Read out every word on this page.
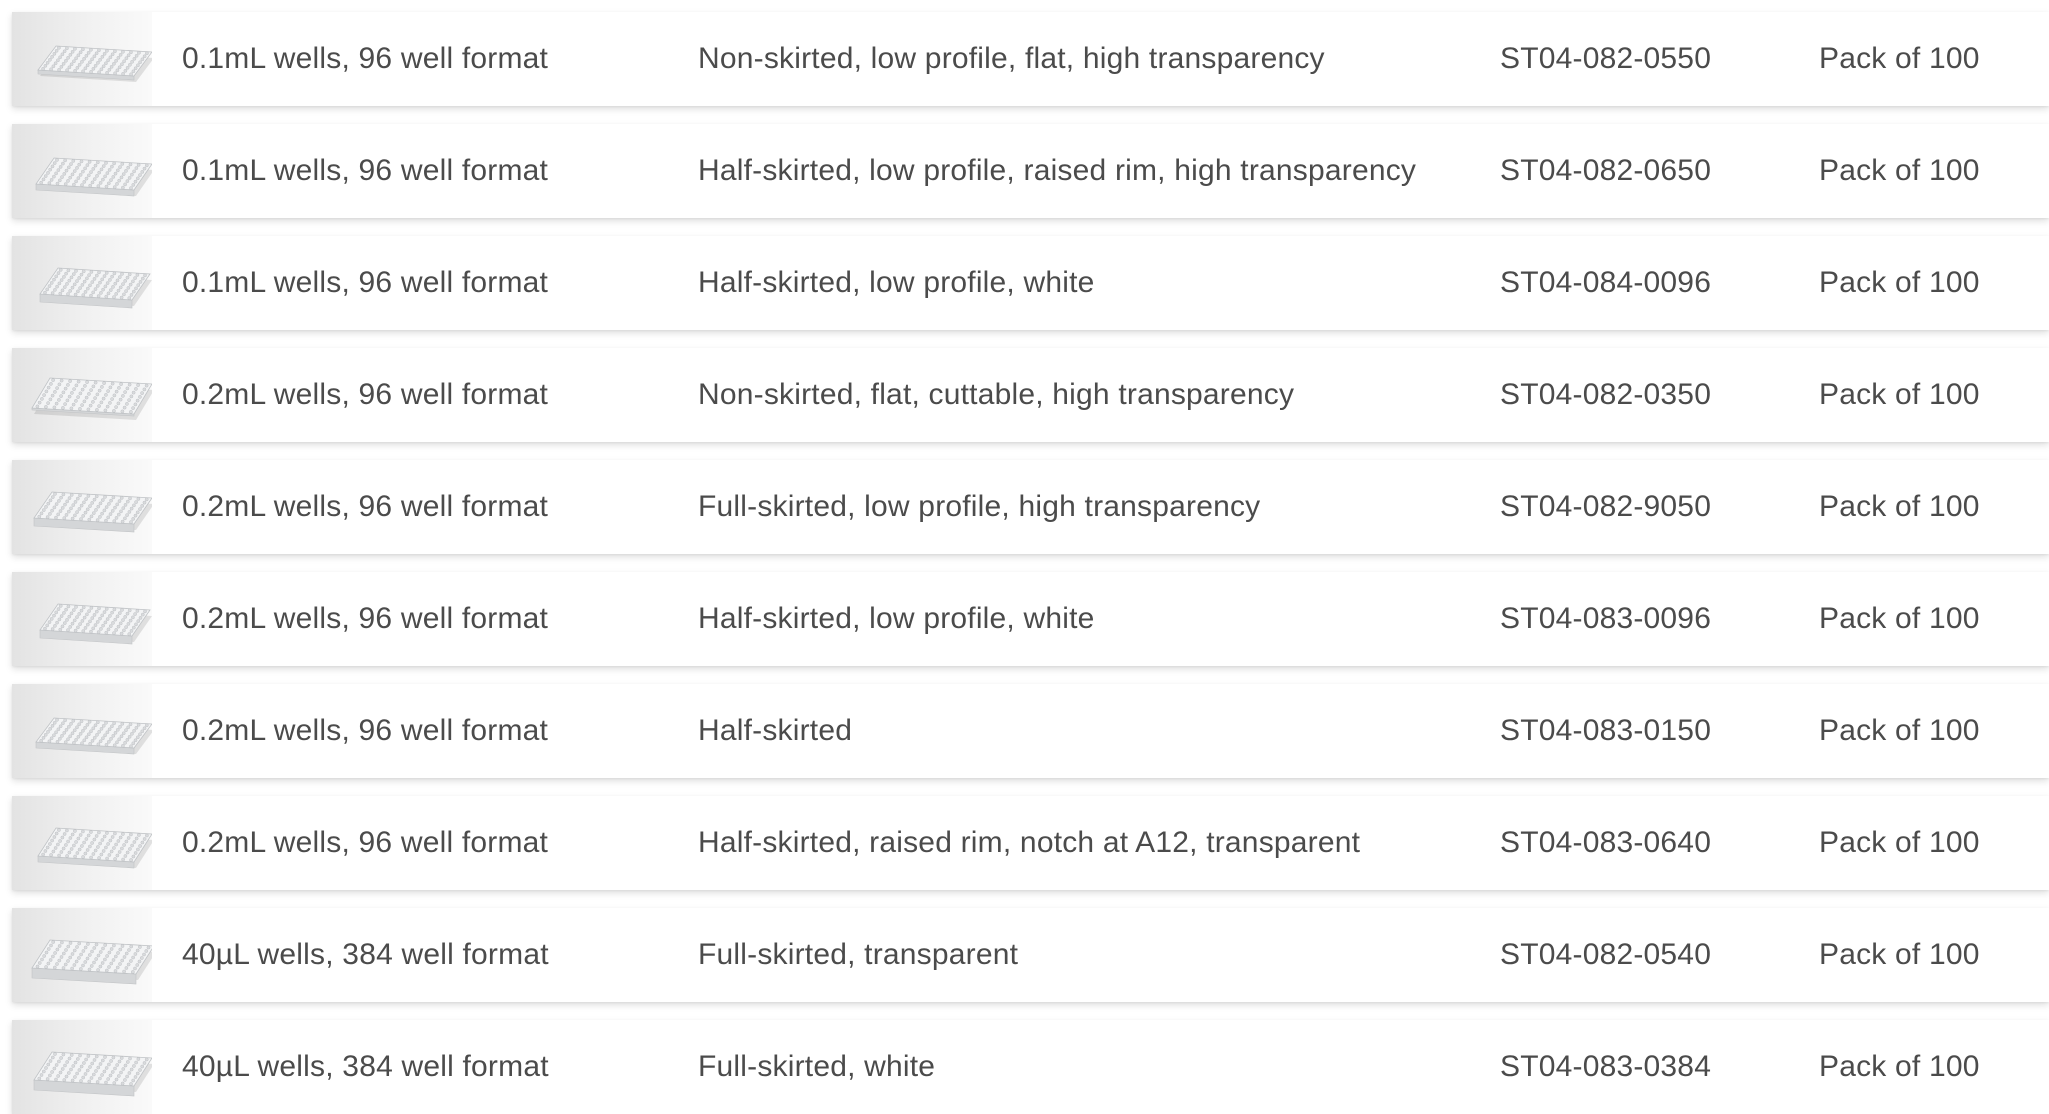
0.1mL wells, 96 well format	Non-skirted, low profile, flat, high transparency	ST04-082-0550	Pack of 100
0.1mL wells, 96 well format	Half-skirted, low profile, raised rim, high transparency	ST04-082-0650	Pack of 100
0.1mL wells, 96 well format	Half-skirted, low profile, white	ST04-084-0096	Pack of 100
0.2mL wells, 96 well format	Non-skirted, flat, cuttable, high transparency	ST04-082-0350	Pack of 100
0.2mL wells, 96 well format	Full-skirted, low profile, high transparency	ST04-082-9050	Pack of 100
0.2mL wells, 96 well format	Half-skirted, low profile, white	ST04-083-0096	Pack of 100
0.2mL wells, 96 well format	Half-skirted	ST04-083-0150	Pack of 100
0.2mL wells, 96 well format	Half-skirted, raised rim, notch at A12, transparent	ST04-083-0640	Pack of 100
40µL wells, 384 well format	Full-skirted, transparent	ST04-082-0540	Pack of 100
40µL wells, 384 well format	Full-skirted, white	ST04-083-0384	Pack of 100
